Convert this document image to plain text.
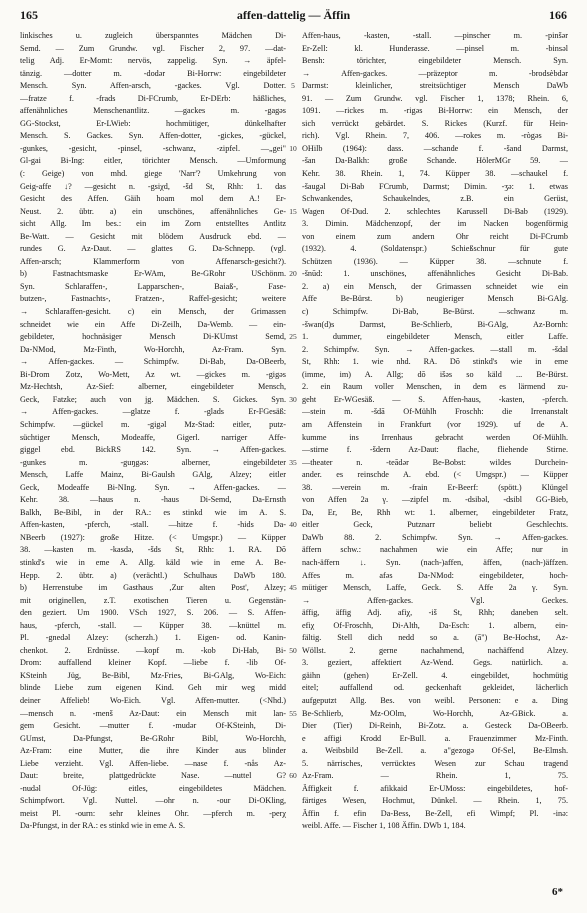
165	affen-dattelig — Äffin	166
linkisches u. zugleich überspanntes Mädchen Di-
Semd. — Zum Grundw. vgl. Fischer 2, 97. —dat-
telig Adj. Er-Momt: nervös, zappelig. Syn. → äpfel-
tänzig. —dotter m. -dodər Bi-Horrw: eingebildeter
Mensch. Syn. Affen-arsch, -gackes. Vgl. Dotter.
—fratze f. -frads Di-FCrumb, Er-DErb: häßliches,
affenähnliches Menschenantlitz. —gackes m. -gagəs
GG-Stockst, Er-LWieb: hochmütiger, dünkelhafter
Mensch. S. Gackes. Syn. Affen-dotter, -gickes, -gückel,
-gunkes, -gesicht, -pinsel, -schwanz, -zipfel. —„gei"
Gl-gai Bi-Ing: eitler, törichter Mensch. —Umformung
(: Geige) von mhd. giege 'Narr'? Umkehrung von
Geig-affe ↓? —gesicht n. -gsiχd, -šd St, Rhh: 1. das
Gesicht des Affen. Gäih hoam mol dem A.! Er-
Neust. 2. übtr. a) ein unschönes, affenähnliches Ge-
sicht Allg. Im bes.: ein im Zorn entstelltes Antlitz
Be-Watt. — Gesicht mit blödem Ausdruck ebd. —
rundes G. Az-Daut. — glattes G. Da-Schnepp. (vgl.
Affen-arsch; Klammerform von Affenarsch-gesicht?).
b) Fastnachtsmaske Er-WAm, Be-GRohr USchönm.
Syn. Schlaraffen-, Lapparschen-, Baiaß-, Fase-
butzen-, Fastnachts-, Fratzen-, Raffel-gesicht; weitere
→ Schlaraffen-gesicht. c) ein Mensch, der Grimassen
schneidet wie ein Affe Di-Zeilh, Da-Wemb. — ein-
gebildeter, hochnäsiger Mensch Di-KUmst Semd,
Da-NMod, Mz-Finth, Wo-Horchh, Az-Fram. Syn.
→ Affen-gackes. — Schimpfw. Di-Bab, Da-OBeerb,
Bi-Drom Zotz, Wo-Mett, Az wt. —gickes m. -gigəs
Mz-Hechtsh, Az-Sief: alberner, eingebildeter Mensch,
Geck, Fatzke; auch von jg. Mädchen. S. Gickes. Syn.
→ Affen-gackes. —glatze f. -glads Er-FGesäß:
Schimpfw. —gückel m. -gigəl Mz-Stad: eitler, putz-
süchtiger Mensch, Modeaffe, Gigerl. narriger Affe-
giggel ebd. BickRS 142. Syn. → Affen-gackes.
-gunkes m. -guŋgəs: alberner, eingebildeter
Mensch, Laffe Mainz, Bi-Gaulsh GAlg, Alzey; eitler
Geck, Modeaffe Bi-NIng. Syn. → Affen-gackes. —
Kehr. 38. —haus n. -haus Di-Semd, Da-Ernsth
Balkh, Be-Bibl, in der RA.: es stinkd wie im A. S.
Affen-kasten, -pferch, -stall. —hitze f. -hids Da-
NBeerb (1927): große Hitze. (< Umgspr.) — Küpper
38. —kasten m. -kasdə, -šds St, Rhh: 1. RA. Dō
stinkd's wie in eme A. Allg. käld wie in eme A. Be-
Hepp. 2. übtr. a) (verächtl.) Schulhaus DaWb 180.
b) Herrenstube im Gasthaus ‚Zur alten Post', Alzey;
mit originellen, z.T. exotischen Tieren u. Gegenstän-
den geziert. Um 1900. VSch 1927, S. 206. — S. Affen-
haus, -pferch, -stall. — Küpper 38. —knüttel m.
Pl. -gnedəl Alzey: (scherzh.) 1. Eigen- od. Kanin-
chenkot. 2. Erdnüsse. —kopf m. -kob Di-Hab, Bi-
Drom: auffallend kleiner Kopf. —liebe f. -lib Of-
KSteinh Jüg, Be-Bibl, Mz-Fries, Bi-GAlg, Wo-Eich:
blinde Liebe zum eigenen Kind. Geh mir weg midd
deiner Affelieb! Wo-Eich. Vgl. Affen-mutter. (<Nhd.)
—mensch n. -menš Az-Daut: ein Mensch mit lan-
gem Gesicht. —mutter f. -mudər Of-KSteinh, Di-
GUmst, Da-Pfungst, Be-GRohr Bibl, Wo-Horchh,
Az-Fram: eine Mutter, die ihre Kinder aus blinder
Liebe verzieht. Vgl. Affen-liebe. —nase f. -nås Az-
Daut: breite, plattgedrückte Nase. —nuttel G?
-nudəl Of-Jüg: eitles, eingebildetes Mädchen.
Schimpfwort. Vgl. Nuttel. —ohr n. -our Di-OKling,
meist Pl. -ourn: sehr kleines Ohr. —pferch m. -perχ
Da-Pfungst, in der RA.: es stinkd wie in eme A. S.
5
10
15
20
25
30
35
40
45
50
55
60
Affen-haus, -kasten, -stall. —pinscher m. -pinšər
Er-Zell: kl. Hunderasse. —pinsel m. -binsəl
Bensh: törichter, eingebildeter Mensch. Syn.
→ Affen-gackes. —präzeptor m. -brodsèbdər
Darmst: kleinlicher, streitsüchtiger Mensch DaWb
91. — Zum Grundw. vgl. Fischer 1, 1378; Rhein. 6,
1091. —rickes m. -rigəs Bi-Horrw: ein Mensch, der
sich verrückt gebärdet. S. Rickes (Kurzf. für Hein-
rich). Vgl. Rhein. 7, 406. —rokes m. -rògəs Bi-
OHilb (1964): dass. —schande f. -šand Darmst,
-šan Da-Balkh: große Schande. HölerMGr 59. —
Kehr. 38. Rhein. 1, 74. Küpper 38. —schaukel f.
-šaugəl Di-Bab FCrumb, Darmst; Dimin. -ʒə: 1. etwas
Schwankendes, Schaukelndes, z.B. ein Gerüst,
Wagen Of-Dud. 2. schlechtes Karussell Di-Bab (1929).
3. Dimin. Mädchenzopf, der im Nacken bogenförmig
von einem zum andern Ohr reicht Di-FCrumb
(1932). 4. (Soldatenspr.) Schießschnur für gute
Schützen (1936). — Küpper 38. —schnute f.
-šnūd: 1. unschönes, affenähnliches Gesicht Di-Bab.
2. a) ein Mensch, der Grimassen schneidet wie ein
Affe Be-Bürst. b) neugieriger Mensch Bi-GAlg.
c) Schimpfw. Di-Bab, Be-Bürst. —schwanz m.
-šwan(d)s Darmst, Be-Schlierb, Bi-GAlg, Az-Bornh:
1. dummer, eingebildeter Mensch, eitler Laffe.
2. Schimpfw. Syn. → Affen-gackes. —stall m. -šdal
St, Rhh: 1. wie nhd. RA. Dō stinkd's wie in eme
(imme, im) A. Allg; dō išəs so käld ... Be-Bürst.
2. ein Raum voller Menschen, in dem es lärmend zu-
geht Er-WGesäß. — S. Affen-haus, -kasten, -pferch.
—stein m. -šdā Of-Mühlh Froschh: die Irrenanstalt
am Affenstein in Frankfurt (vor 1929). uf de A.
kumme ins Irrenhaus gebracht werden Of-Mühlh.
—stirne f. -šdern Az-Daut: flache, fliehende Stirne.
—theater n. -teādər Be-Bobst: wildes Durchein-
ander. es reinschde A. ebd. (< Umgspr.) — Küpper
38. —verein m. -frain Er-Beerf: (spött.) Klüngel
von Affen 2a γ. —zipfel m. -dsibəl, -dsibl GG-Bieb,
Da, Er, Be, Rhh wt: 1. alberner, eingebildeter Fratz,
eitler Geck, Putznarr beliebt Geschlechts.
DaWb 88. 2. Schimpfw. Syn. → Affen-gackes.
äffern schw.: nachahmen wie ein Affe; nur in
nach-äffern ↓. Syn. (nach-)affen, äffen, (nach-)äffzen.
Affes m. afəs Da-NMod: eingebildeter, hoch-
mütiger Mensch, Laffe, Geck. S. Affe 2a γ. Syn.
→ Affen-gackes. Vgl. Geckes.
äffig, äffig Adj. afiχ, -iš St, Rhh; daneben selt.
efiχ Of-Froschh, Di-Alth, Da-Esch: 1. albern, ein-
fältig. Stell dich nedd so a. (ā") Be-Hochst, Az-
Wöllst. 2. gerne nachahmend, nachäffend Alzey.
3. geziert, affektiert Az-Wend. Gegs. natürlich. a.
gäihn (gehen) Er-Zell. 4. eingebildet, hochmütig
eitel; auffallend od. geckenhaft gekleidet, lächerlich
aufgeputzt Allg. Bes. von weibl. Personen: e a. Ding
Be-Schlierb, Mz-OOlm, Wo-Horchh, Az-GBick. a.
Dier (Tier) Di-Reinh, Bi-Zotz. a. Gesteck Da-OBeerb.
e affigi Krodd Er-Bull. a. Frauenzimmer Mz-Finth.
a. Weibsbild Be-Zell. a. a"gezogə Of-Sel, Be-Elmsh.
5. närrisches, verrücktes Wesen zur Schau tragend
Az-Fram. — Rhein. 1, 75.
Äffigkeit f. afikkaid Er-UMoss: eingebildetes, hof-
färtiges Wesen, Hochmut, Dünkel. — Rhein. 1, 75.
Äffin f. efin Da-Bess, Be-Zell, efi Wimpf; Pl. -inə:
weibl. Affe. — Fischer 1, 108 Äffin. DWb 1, 184.
6*
